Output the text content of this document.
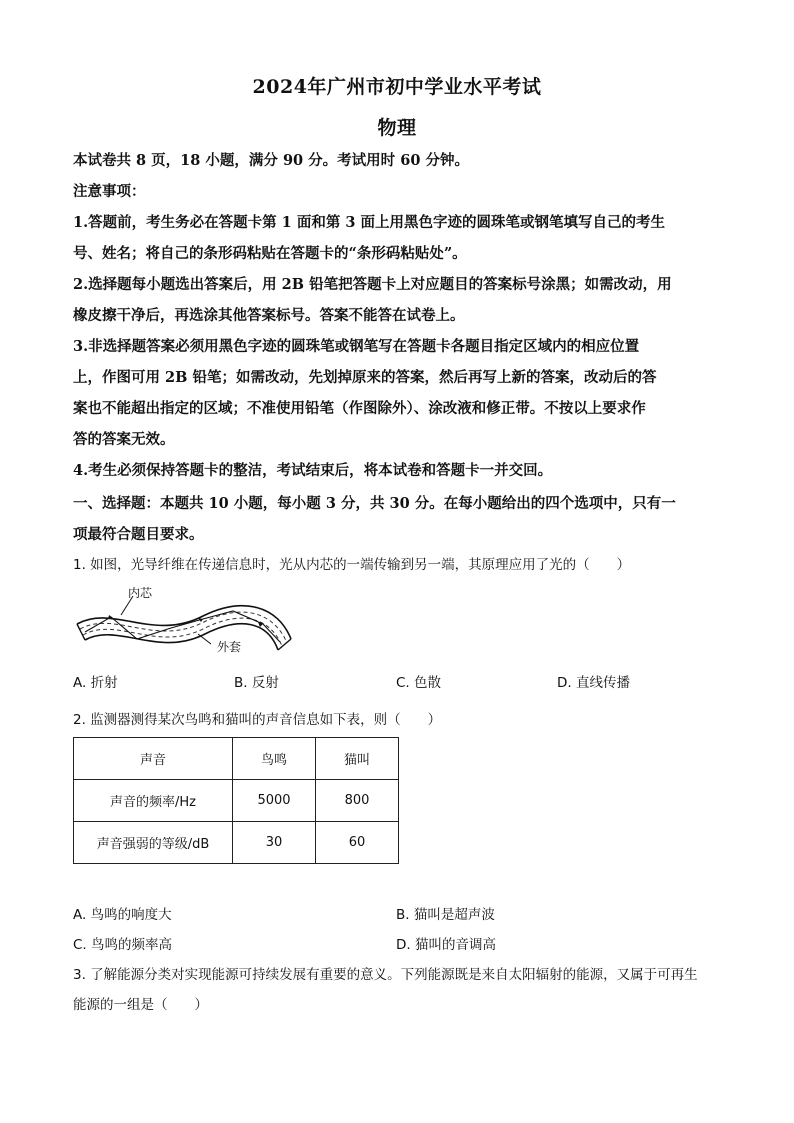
2024年广州市初中学业水平考试
物理
本试卷共 8 页，18 小题，满分 90 分。考试用时 60 分钟。
注意事项：
1.答题前，考生务必在答题卡第 1 面和第 3 面上用黑色字迹的圆珠笔或钢笔填写自己的考生
号、姓名；将自己的条形码粘贴在答题卡的“条形码粘贴处”。
2.选择题每小题选出答案后，用 2B 铅笔把答题卡上对应题目的答案标号涂黑；如需改动，用
橡皮擦干净后，再选涂其他答案标号。答案不能答在试卷上。
3.非选择题答案必须用黑色字迹的圆珠笔或钢笔写在答题卡各题目指定区域内的相应位置
上，作图可用 2B 铅笔；如需改动，先划掉原来的答案，然后再写上新的答案，改动后的答
案也不能超出指定的区域；不准使用铅笔（作图除外）、涂改液和修正带。不按以上要求作
答的答案无效。
4.考生必须保持答题卡的整洁，考试结束后，将本试卷和答题卡一并交回。
一、选择题：本题共 10 小题，每小题 3 分，共 30 分。在每小题给出的四个选项中，只有一
项最符合题目要求。
1. 如图，光导纤维在传递信息时，光从内芯的一端传输到另一端，其原理应用了光的（　　）
内芯
外套
A. 折射	B. 反射	C. 色散	D. 直线传播
2. 监测器测得某次鸟鸣和猫叫的声音信息如下表，则（　　）
声音	鸟鸣	猫叫
声音的频率/Hz	5000	800
声音强弱的等级/dB	30	60
A. 鸟鸣的响度大	B. 猫叫是超声波
C. 鸟鸣的频率高	D. 猫叫的音调高
3. 了解能源分类对实现能源可持续发展有重要的意义。下列能源既是来自太阳辐射的能源，又属于可再生
能源的一组是（　　）
